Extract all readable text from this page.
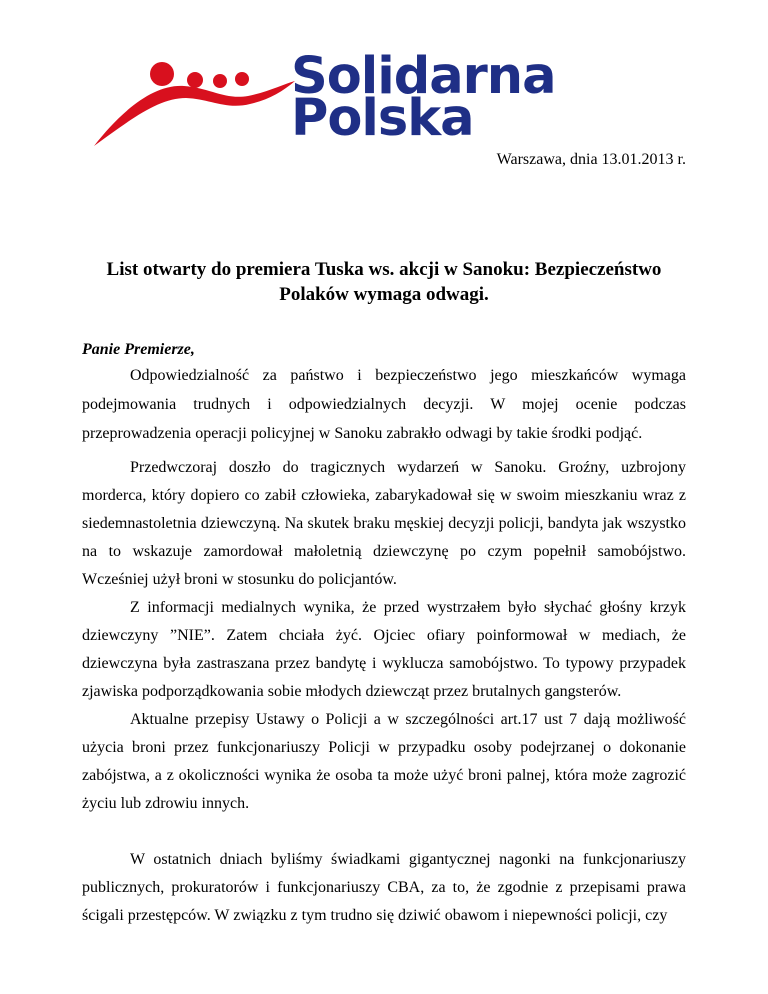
Solidarna
Polska
Warszawa, dnia 13.01.2013 r.
List otwarty do premiera Tuska ws. akcji w Sanoku: Bezpieczeństwo Polaków wymaga odwagi.
Panie Premierze,

Odpowiedzialność za państwo i bezpieczeństwo jego mieszkańców wymaga podejmowania trudnych i odpowiedzialnych decyzji. W mojej ocenie podczas przeprowadzenia operacji policyjnej w Sanoku zabrakło odwagi by takie środki podjąć.

Przedwczoraj doszło do tragicznych wydarzeń w Sanoku. Groźny, uzbrojony morderca, który dopiero co zabił człowieka, zabarykadował się w swoim mieszkaniu wraz z siedemnastoletnia dziewczyną. Na skutek braku męskiej decyzji policji, bandyta jak wszystko na to wskazuje zamordował małoletnią dziewczynę po czym popełnił samobójstwo. Wcześniej użył broni w stosunku do policjantów.

Z informacji medialnych wynika, że przed wystrzałem było słychać głośny krzyk dziewczyny ”NIE”. Zatem chciała żyć. Ojciec ofiary poinformował w mediach, że dziewczyna była zastraszana przez bandytę i wyklucza samobójstwo. To typowy przypadek zjawiska podporządkowania sobie młodych dziewcząt przez brutalnych gangsterów.

Aktualne przepisy Ustawy o Policji a w szczególności art.17 ust 7 dają możliwość użycia broni przez funkcjonariuszy Policji w przypadku osoby podejrzanej o dokonanie zabójstwa, a z okoliczności wynika że osoba ta może użyć broni palnej, która może zagrozić życiu lub zdrowiu innych.

W ostatnich dniach byliśmy świadkami gigantycznej nagonki na funkcjonariuszy publicznych, prokuratorów i funkcjonariuszy CBA, za to, że zgodnie z przepisami prawa ścigali przestępców. W związku z tym trudno się dziwić obawom i niepewności policji, czy
